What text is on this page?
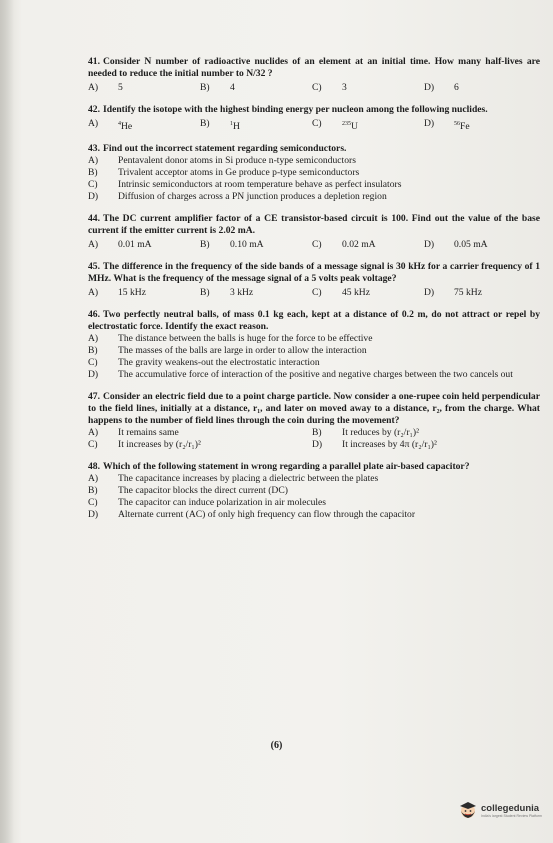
41. Consider N number of radioactive nuclides of an element at an initial time. How many half-lives are needed to reduce the initial number to N/32 ?
A)	5	B)	4	C)	3	D)	6
42. Identify the isotope with the highest binding energy per nucleon among the following nuclides.
A)	$^4$He	B)	$^1$H	C)	$^{235}$U	D)	$^{56}$Fe
43. Find out the incorrect statement regarding semiconductors.
A)	Pentavalent donor atoms in Si produce n-type semiconductors
B)	Trivalent acceptor atoms in Ge produce p-type semiconductors
C)	Intrinsic semiconductors at room temperature behave as perfect insulators
D)	Diffusion of charges across a PN junction produces a depletion region
44. The DC current amplifier factor of a CE transistor-based circuit is 100. Find out the value of the base current if the emitter current is 2.02 mA.
A)	0.01 mA	B)	0.10 mA	C)	0.02 mA	D)	0.05 mA
45. The difference in the frequency of the side bands of a message signal is 30 kHz for a carrier frequency of 1 MHz. What is the frequency of the message signal of a 5 volts peak voltage?
A)	15 kHz	B)	3 kHz	C)	45 kHz	D)	75 kHz
46. Two perfectly neutral balls, of mass 0.1 kg each, kept at a distance of 0.2 m, do not attract or repel by electrostatic force. Identify the exact reason.
A)	The distance between the balls is huge for the force to be effective
B)	The masses of the balls are large in order to allow the interaction
C)	The gravity weakens-out the electrostatic interaction
D)	The accumulative force of interaction of the positive and negative charges between the two cancels out
47. Consider an electric field due to a point charge particle. Now consider a one-rupee coin held perpendicular to the field lines, initially at a distance, r₁, and later on moved away to a distance, r₂, from the charge. What happens to the number of field lines through the coin during the movement?
A)	It remains same	B)	It reduces by (r₂/r₁)²
C)	It increases by (r₂/r₁)²	D)	It increases by 4π (r₂/r₁)²
48. Which of the following statement in wrong regarding a parallel plate air-based capacitor?
A)	The capacitance increases by placing a dielectric between the plates
B)	The capacitor blocks the direct current (DC)
C)	The capacitor can induce polarization in air molecules
D)	Alternate current (AC) of only high frequency can flow through the capacitor
(6)
collegedunia
India's largest Student Review Platform
